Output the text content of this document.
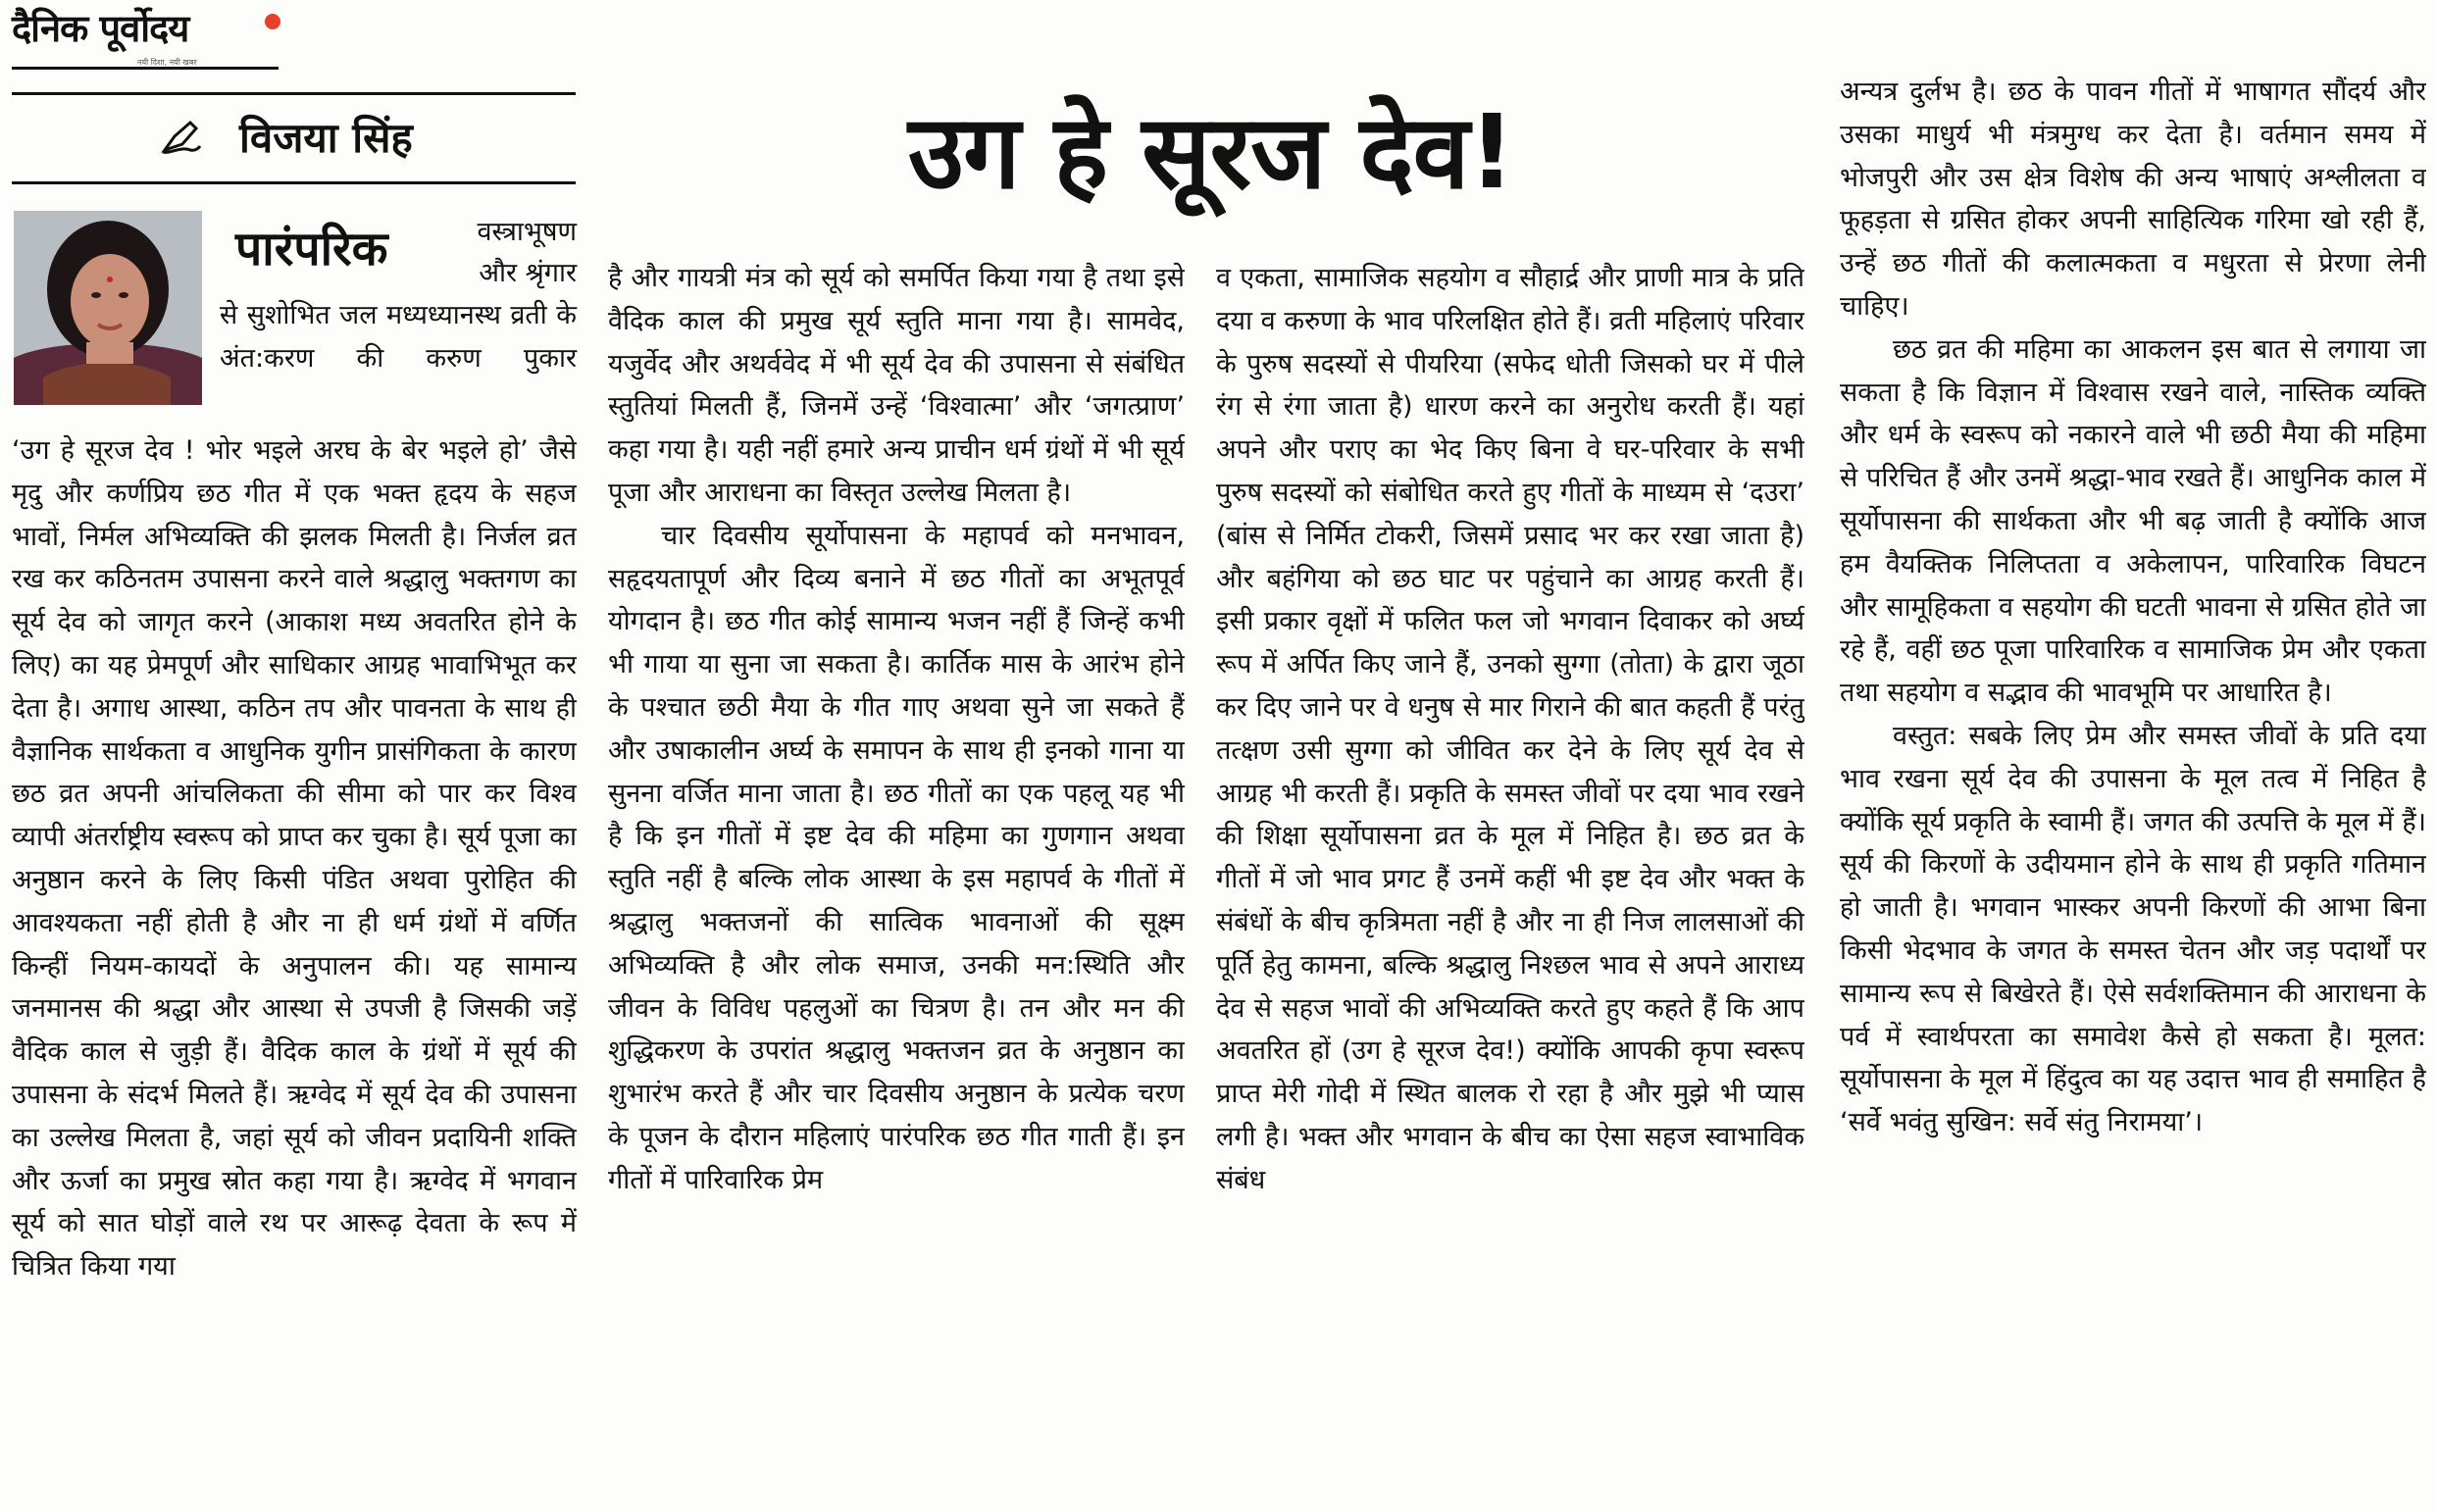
दैनिक पूर्वोदय
नयी दिशा, नयी खबर
विजया सिंह	उग हे सूरज देव!
पारंपरिक	वस्त्राभूषण और श्रृंगार
से सुशोभित जल मध्यध्यानस्थ व्रती के अंत:करण की करुण पुकार

‘उग हे सूरज देव ! भोर भइले अरघ के बेर भइले हो’ जैसे मृदु और कर्णप्रिय छठ गीत में एक भक्त हृदय के सहज भावों, निर्मल अभिव्यक्ति की झलक मिलती है। निर्जल व्रत रख कर कठिनतम उपासना करने वाले श्रद्धालु भक्तगण का सूर्य देव को जागृत करने (आकाश मध्य अवतरित होने के लिए) का यह प्रेमपूर्ण और साधिकार आग्रह भावाभिभूत कर देता है। अगाध आस्था, कठिन तप और पावनता के साथ ही वैज्ञानिक सार्थकता व आधुनिक युगीन प्रासंगिकता के कारण छठ व्रत अपनी आंचलिकता की सीमा को पार कर विश्व व्यापी अंतर्राष्ट्रीय स्वरूप को प्राप्त कर चुका है। सूर्य पूजा का अनुष्ठान करने के लिए किसी पंडित अथवा पुरोहित की आवश्यकता नहीं होती है और ना ही धर्म ग्रंथों में वर्णित किन्हीं नियम-कायदों के अनुपालन की। यह सामान्य जनमानस की श्रद्धा और आस्था से उपजी है जिसकी जड़ें वैदिक काल से जुड़ी हैं। वैदिक काल के ग्रंथों में सूर्य की उपासना के संदर्भ मिलते हैं। ऋग्वेद में सूर्य देव की उपासना का उल्लेख मिलता है, जहां सूर्य को जीवन प्रदायिनी शक्ति और ऊर्जा का प्रमुख स्रोत कहा गया है। ऋग्वेद में भगवान सूर्य को सात घोड़ों वाले रथ पर आरूढ़ देवता के रूप में चित्रित किया गया

है और गायत्री मंत्र को सूर्य को समर्पित किया गया है तथा इसे वैदिक काल की प्रमुख सूर्य स्तुति माना गया है। सामवेद, यजुर्वेद और अथर्ववेद में भी सूर्य देव की उपासना से संबंधित स्तुतियां मिलती हैं, जिनमें उन्हें ‘विश्वात्मा’ और ‘जगत्प्राण’ कहा गया है। यही नहीं हमारे अन्य प्राचीन धर्म ग्रंथों में भी सूर्य पूजा और आराधना का विस्तृत उल्लेख मिलता है।

चार दिवसीय सूर्योपासना के महापर्व को मनभावन, सहृदयतापूर्ण और दिव्य बनाने में छठ गीतों का अभूतपूर्व योगदान है। छठ गीत कोई सामान्य भजन नहीं हैं जिन्हें कभी भी गाया या सुना जा सकता है। कार्तिक मास के आरंभ होने के पश्चात छठी मैया के गीत गाए अथवा सुने जा सकते हैं और उषाकालीन अर्घ्य के समापन के साथ ही इनको गाना या सुनना वर्जित माना जाता है। छठ गीतों का एक पहलू यह भी है कि इन गीतों में इष्ट देव की महिमा का गुणगान अथवा स्तुति नहीं है बल्कि लोक आस्था के इस महापर्व के गीतों में श्रद्धालु भक्तजनों की सात्विक भावनाओं की सूक्ष्म अभिव्यक्ति है और लोक समाज, उनकी मन:स्थिति और जीवन के विविध पहलुओं का चित्रण है। तन और मन की शुद्धिकरण के उपरांत श्रद्धालु भक्तजन व्रत के अनुष्ठान का शुभारंभ करते हैं और चार दिवसीय अनुष्ठान के प्रत्येक चरण के पूजन के दौरान महिलाएं पारंपरिक छठ गीत गाती हैं। इन गीतों में पारिवारिक प्रेम

व एकता, सामाजिक सहयोग व सौहार्द्र और प्राणी मात्र के प्रति दया व करुणा के भाव परिलक्षित होते हैं। व्रती महिलाएं परिवार के पुरुष सदस्यों से पीयरिया (सफेद धोती जिसको घर में पीले रंग से रंगा जाता है) धारण करने का अनुरोध करती हैं। यहां अपने और पराए का भेद किए बिना वे घर-परिवार के सभी पुरुष सदस्यों को संबोधित करते हुए गीतों के माध्यम से ‘दउरा’ (बांस से निर्मित टोकरी, जिसमें प्रसाद भर कर रखा जाता है) और बहंगिया को छठ घाट पर पहुंचाने का आग्रह करती हैं। इसी प्रकार वृक्षों में फलित फल जो भगवान दिवाकर को अर्घ्य रूप में अर्पित किए जाने हैं, उनको सुग्गा (तोता) के द्वारा जूठा कर दिए जाने पर वे धनुष से मार गिराने की बात कहती हैं परंतु तत्क्षण उसी सुग्गा को जीवित कर देने के लिए सूर्य देव से आग्रह भी करती हैं। प्रकृति के समस्त जीवों पर दया भाव रखने की शिक्षा सूर्योपासना व्रत के मूल में निहित है। छठ व्रत के गीतों में जो भाव प्रगट हैं उनमें कहीं भी इष्ट देव और भक्त के संबंधों के बीच कृत्रिमता नहीं है और ना ही निज लालसाओं की पूर्ति हेतु कामना, बल्कि श्रद्धालु निश्छल भाव से अपने आराध्य देव से सहज भावों की अभिव्यक्ति करते हुए कहते हैं कि आप अवतरित हों (उग हे सूरज देव!) क्योंकि आपकी कृपा स्वरूप प्राप्त मेरी गोदी में स्थित बालक रो रहा है और मुझे भी प्यास लगी है। भक्त और भगवान के बीच का ऐसा सहज स्वाभाविक संबंध

अन्यत्र दुर्लभ है। छठ के पावन गीतों में भाषागत सौंदर्य और उसका माधुर्य भी मंत्रमुग्ध कर देता है। वर्तमान समय में भोजपुरी और उस क्षेत्र विशेष की अन्य भाषाएं अश्लीलता व फूहड़ता से ग्रसित होकर अपनी साहित्यिक गरिमा खो रही हैं, उन्हें छठ गीतों की कलात्मकता व मधुरता से प्रेरणा लेनी चाहिए।

छठ व्रत की महिमा का आकलन इस बात से लगाया जा सकता है कि विज्ञान में विश्वास रखने वाले, नास्तिक व्यक्ति और धर्म के स्वरूप को नकारने वाले भी छठी मैया की महिमा से परिचित हैं और उनमें श्रद्धा-भाव रखते हैं। आधुनिक काल में सूर्योपासना की सार्थकता और भी बढ़ जाती है क्योंकि आज हम वैयक्तिक निलिप्तता व अकेलापन, पारिवारिक विघटन और सामूहिकता व सहयोग की घटती भावना से ग्रसित होते जा रहे हैं, वहीं छठ पूजा पारिवारिक व सामाजिक प्रेम और एकता तथा सहयोग व सद्भाव की भावभूमि पर आधारित है।

वस्तुत: सबके लिए प्रेम और समस्त जीवों के प्रति दया भाव रखना सूर्य देव की उपासना के मूल तत्व में निहित है क्योंकि सूर्य प्रकृति के स्वामी हैं। जगत की उत्पत्ति के मूल में हैं। सूर्य की किरणों के उदीयमान होने के साथ ही प्रकृति गतिमान हो जाती है। भगवान भास्कर अपनी किरणों की आभा बिना किसी भेदभाव के जगत के समस्त चेतन और जड़ पदार्थों पर सामान्य रूप से बिखेरते हैं। ऐसे सर्वशक्तिमान की आराधना के पर्व में स्वार्थपरता का समावेश कैसे हो सकता है। मूलत: सूर्योपासना के मूल में हिंदुत्व का यह उदात्त भाव ही समाहित है ‘सर्वे भवंतु सुखिन: सर्वे संतु निरामया’।
